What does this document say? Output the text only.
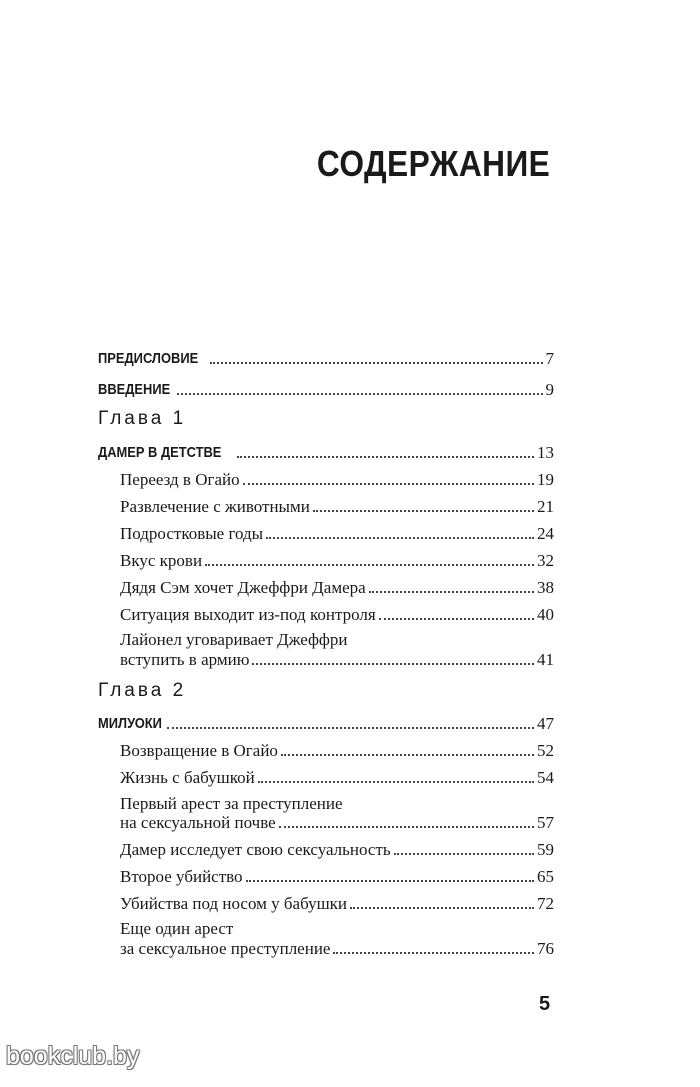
СОДЕРЖАНИЕ
ПРЕДИСЛОВИЕ	7
ВВЕДЕНИЕ	9
Глава 1
ДАМЕР В ДЕТСТВЕ	13
Переезд в Огайо	19
Развлечение с животными	21
Подростковые годы	24
Вкус крови	32
Дядя Сэм хочет Джеффри Дамера	38
Ситуация выходит из-под контроля	40
Лайонел уговаривает Джеффри
вступить в армию	41
Глава 2
МИЛУОКИ	47
Возвращение в Огайо	52
Жизнь с бабушкой	54
Первый арест за преступление
на сексуальной почве	57
Дамер исследует свою сексуальность	59
Второе убийство	65
Убийства под носом у бабушки	72
Еще один арест
за сексуальное преступление	76
5
bookclub.by
